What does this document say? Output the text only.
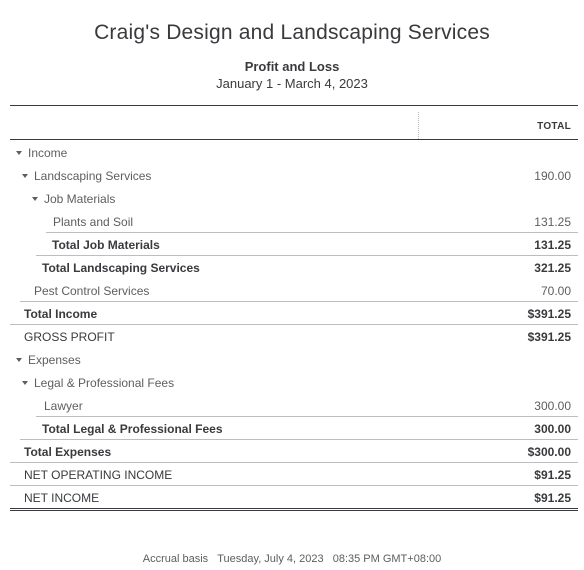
Craig's Design and Landscaping Services
Profit and Loss
January 1 - March 4, 2023
TOTAL
Income
Landscaping Services	190.00
Job Materials
Plants and Soil	131.25
Total Job Materials	131.25
Total Landscaping Services	321.25
Pest Control Services	70.00
Total Income	$391.25
GROSS PROFIT	$391.25
Expenses
Legal & Professional Fees
Lawyer	300.00
Total Legal & Professional Fees	300.00
Total Expenses	$300.00
NET OPERATING INCOME	$91.25
NET INCOME	$91.25
Accrual basis Tuesday, July 4, 2023 08:35 PM GMT+08:00
